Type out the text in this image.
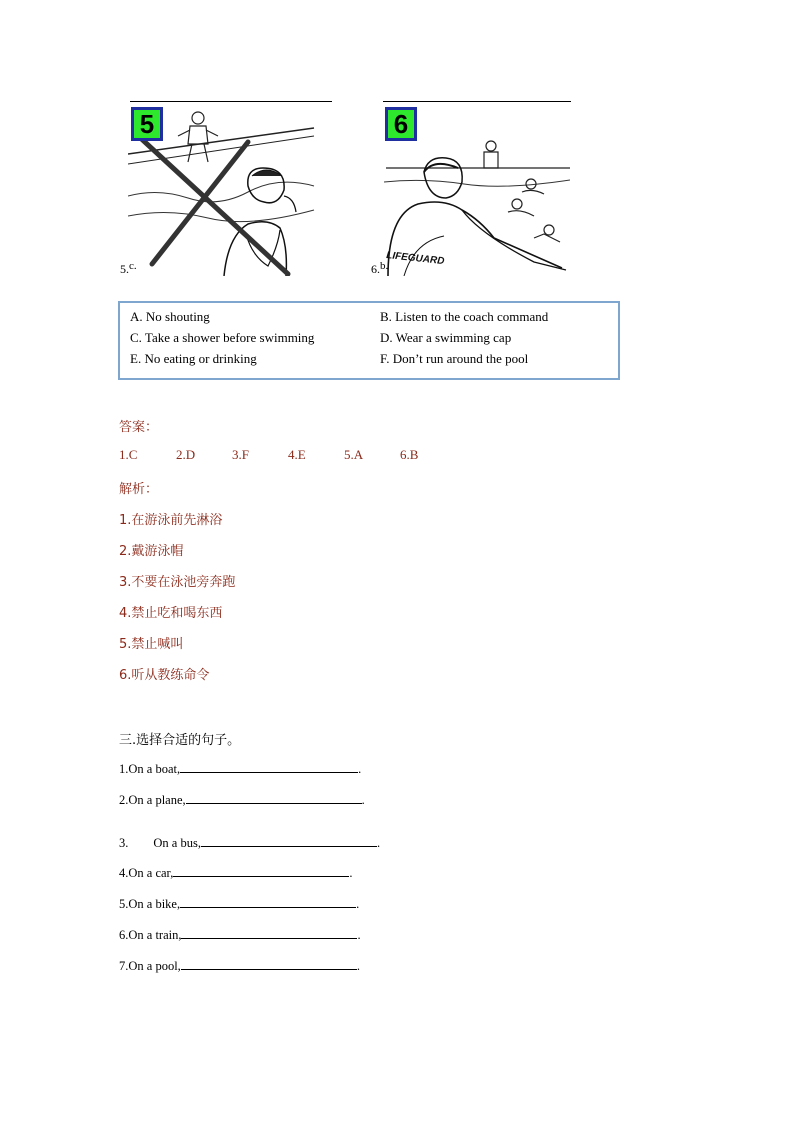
5
5.c.	LIFEGUARD
6
6.b.
A. No shouting	B. Listen to the coach command
C. Take a shower before swimming	D. Wear a swimming cap
E. No eating or drinking	F. Don’t run around the pool
答案：
1.C	2.D	3.F	4.E	5.A	6.B
解析：
1.在游泳前先淋浴
2.戴游泳帽
3.不要在泳池旁奔跑
4.禁止吃和喝东西
5.禁止喊叫
6.听从教练命令
三.选择合适的句子。
1.On a boat,	.
2.On a plane,	.
3.        On a bus,	.
4.On a car,	.
5.On a bike,	.
6.On a train,	.
7.On a pool,	.
